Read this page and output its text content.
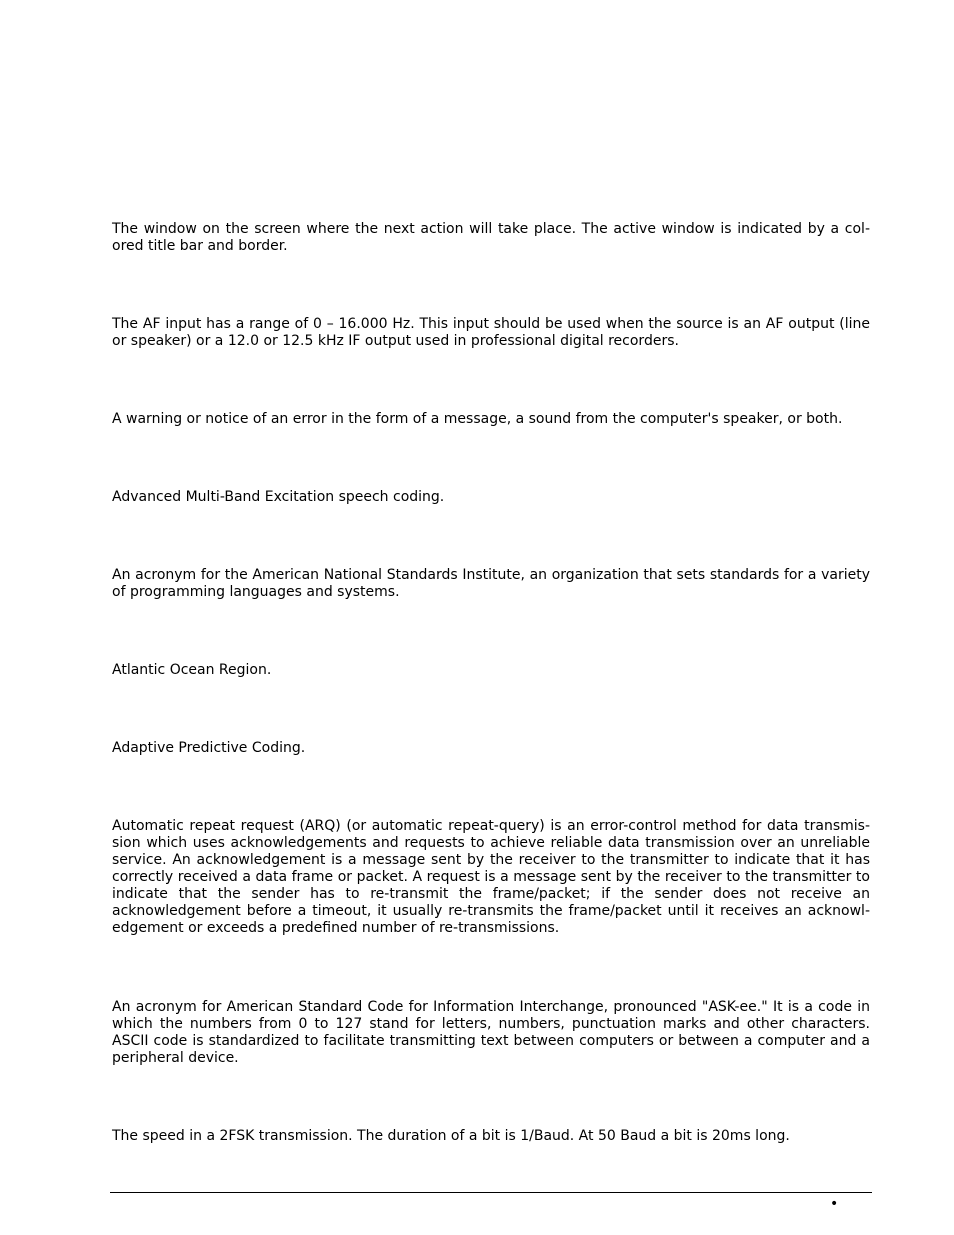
The window on the screen where the next action will take place. The active window is indicated by a colored title bar and border.

The AF input has a range of 0 – 16.000 Hz. This input should be used when the source is an AF output (line or speaker) or a 12.0 or 12.5 kHz IF output used in professional digital recorders.

A warning or notice of an error in the form of a message, a sound from the computer's speaker, or both.

Advanced Multi-Band Excitation speech coding.

An acronym for the American National Standards Institute, an organization that sets standards for a variety of programming languages and systems.

Atlantic Ocean Region.

Adaptive Predictive Coding.

Automatic repeat request (ARQ) (or automatic repeat-query) is an error-control method for data transmission which uses acknowledgements and requests to achieve reliable data transmission over an unreliable service. An acknowledgement is a message sent by the receiver to the transmitter to indicate that it has correctly received a data frame or packet. A request is a message sent by the receiver to the transmitter to indicate that the sender has to re-transmit the frame/packet; if the sender does not receive an acknowledgement before a timeout, it usually re-transmits the frame/packet until it receives an acknowledgement or exceeds a predefined number of re-transmissions.

An acronym for American Standard Code for Information Interchange, pronounced "ASK-ee." It is a code in which the numbers from 0 to 127 stand for letters, numbers, punctuation marks and other characters. ASCII code is standardized to facilitate transmitting text between computers or between a computer and a peripheral device.

The speed in a 2FSK transmission. The duration of a bit is 1/Baud. At 50 Baud a bit is 20ms long.

•
